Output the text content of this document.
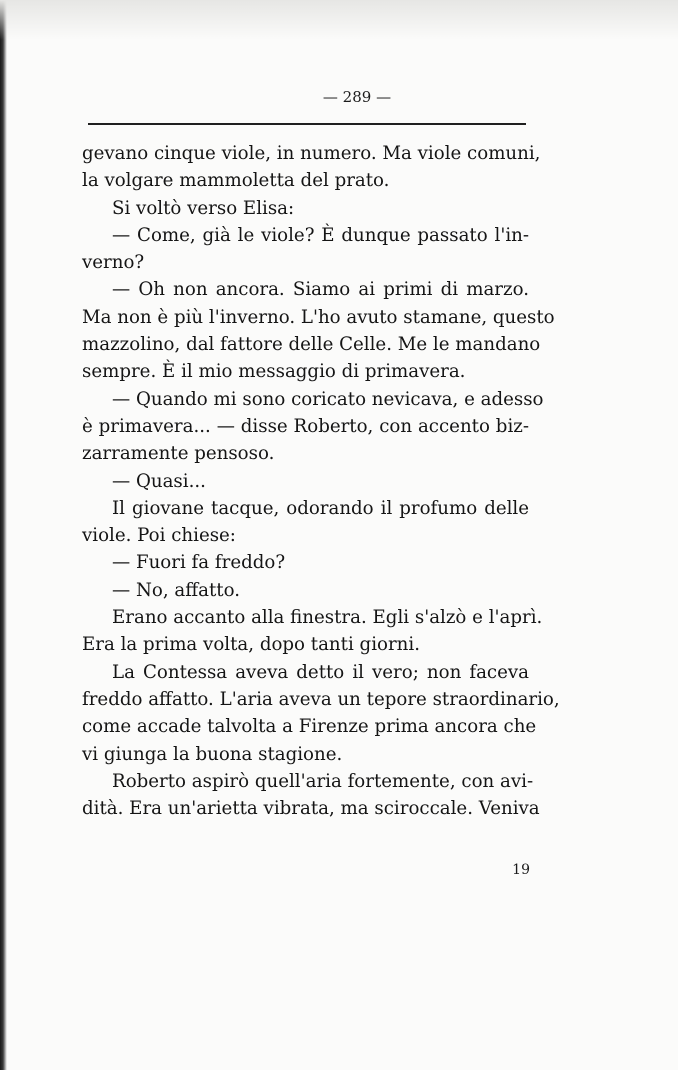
— 289 —
gevano cinque viole, in numero. Ma viole comuni,
la volgare mammoletta del prato.
Si voltò verso Elisa:
— Come, già le viole? È dunque passato l'in-
verno?
— Oh non ancora. Siamo ai primi di marzo.
Ma non è più l'inverno. L'ho avuto stamane, questo
mazzolino, dal fattore delle Celle. Me le mandano
sempre. È il mio messaggio di primavera.
— Quando mi sono coricato nevicava, e adesso
è primavera... — disse Roberto, con accento biz-
zarramente pensoso.
— Quasi...
Il giovane tacque, odorando il profumo delle
viole. Poi chiese:
— Fuori fa freddo?
— No, affatto.
Erano accanto alla finestra. Egli s'alzò e l'aprì.
Era la prima volta, dopo tanti giorni.
La Contessa aveva detto il vero; non faceva
freddo affatto. L'aria aveva un tepore straordinario,
come accade talvolta a Firenze prima ancora che
vi giunga la buona stagione.
Roberto aspirò quell'aria fortemente, con avi-
dità. Era un'arietta vibrata, ma sciroccale. Veniva
19
